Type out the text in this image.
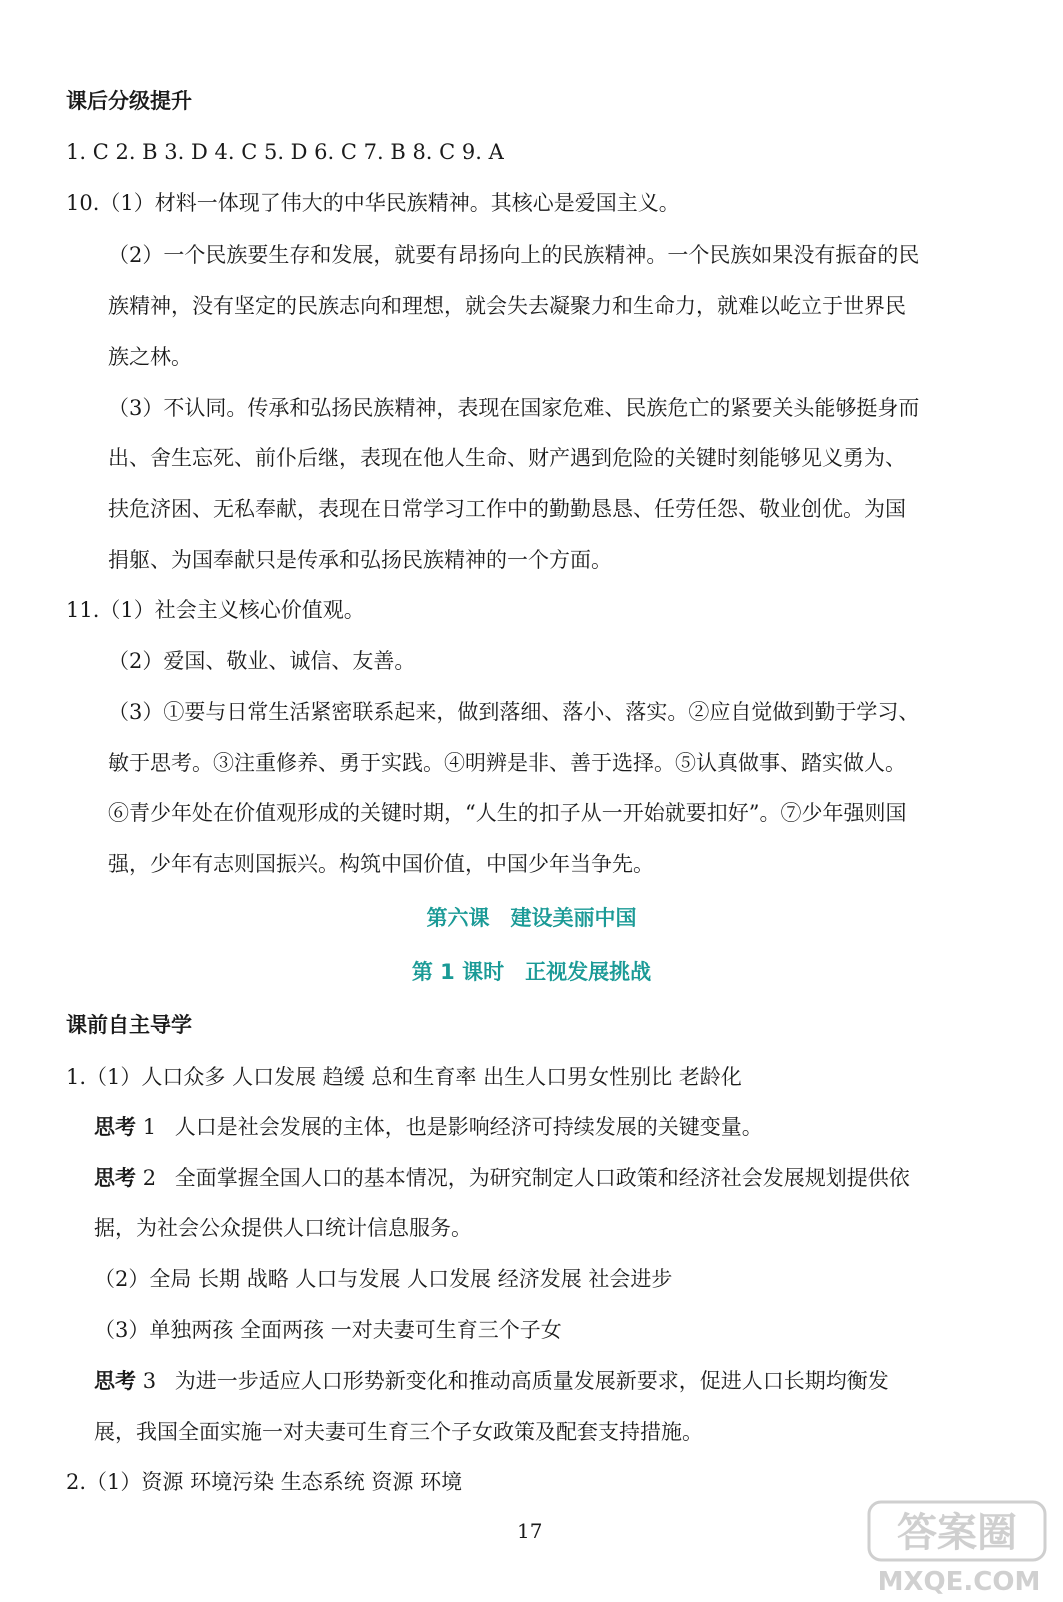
课后分级提升
1. C 2. B 3. D 4. C 5. D 6. C 7. B 8. C 9. A
10.（1）材料一体现了伟大的中华民族精神。其核心是爱国主义。
（2）一个民族要生存和发展，就要有昂扬向上的民族精神。一个民族如果没有振奋的民
族精神，没有坚定的民族志向和理想，就会失去凝聚力和生命力，就难以屹立于世界民
族之林。
（3）不认同。传承和弘扬民族精神，表现在国家危难、民族危亡的紧要关头能够挺身而
出、舍生忘死、前仆后继，表现在他人生命、财产遇到危险的关键时刻能够见义勇为、
扶危济困、无私奉献，表现在日常学习工作中的勤勤恳恳、任劳任怨、敬业创优。为国
捐躯、为国奉献只是传承和弘扬民族精神的一个方面。
11.（1）社会主义核心价值观。
（2）爱国、敬业、诚信、友善。
（3）①要与日常生活紧密联系起来，做到落细、落小、落实。②应自觉做到勤于学习、
敏于思考。③注重修养、勇于实践。④明辨是非、善于选择。⑤认真做事、踏实做人。
⑥青少年处在价值观形成的关键时期，“人生的扣子从一开始就要扣好”。⑦少年强则国
强，少年有志则国振兴。构筑中国价值，中国少年当争先。
第六课　建设美丽中国
第 1 课时　正视发展挑战
课前自主导学
1.（1）人口众多 人口发展 趋缓 总和生育率 出生人口男女性别比 老龄化
思考 1 人口是社会发展的主体，也是影响经济可持续发展的关键变量。
思考 2 全面掌握全国人口的基本情况，为研究制定人口政策和经济社会发展规划提供依
据，为社会公众提供人口统计信息服务。
（2）全局 长期 战略 人口与发展 人口发展 经济发展 社会进步
（3）单独两孩 全面两孩 一对夫妻可生育三个子女
思考 3 为进一步适应人口形势新变化和推动高质量发展新要求，促进人口长期均衡发
展，我国全面实施一对夫妻可生育三个子女政策及配套支持措施。
2.（1）资源 环境污染 生态系统 资源 环境
17	答案圈
MXQE.COM
